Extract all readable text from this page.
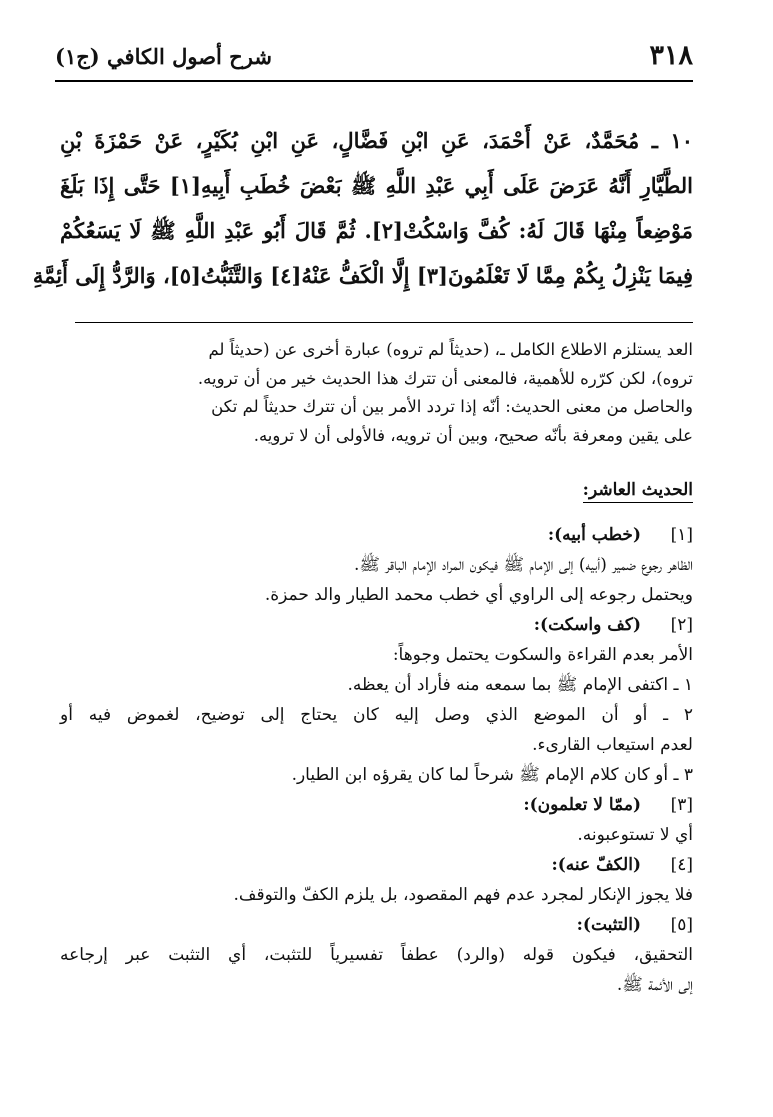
٣١٨
شرح أصول الكافي (ج١)

١٠ ـ مُحَمَّدٌ، عَنْ أَحْمَدَ، عَنِ ابْنِ فَضَّالٍ، عَنِ ابْنِ بُكَيْرٍ، عَنْ حَمْزَةَ بْنِ

الطَّيَّارِ أَنَّهُ عَرَضَ عَلَى أَبِي عَبْدِ اللَّهِ ﷺ بَعْضَ خُطَبِ أَبِيهِ[١] حَتَّى إِذَا بَلَغَ

مَوْضِعاً مِنْهَا قَالَ لَهُ: كُفَّ وَاسْكُتْ[٢]. ثُمَّ قَالَ أَبُو عَبْدِ اللَّهِ ﷺ لَا يَسَعُكُمْ

فِيمَا يَنْزِلُ بِكُمْ مِمَّا لَا تَعْلَمُونَ[٣] إِلَّا الْكَفُّ عَنْهُ[٤] وَالتَّثَبُّتُ[٥]، وَالرَّدُّ إِلَى أَئِمَّةِ

العد يستلزم الاطلاع الكامل ـ، (حديثاً لم تروه) عبارة أخرى عن (حديثاً لم

تروه)، لكن كرّره للأهمية، فالمعنى أن تترك هذا الحديث خير من أن ترويه.

والحاصل من معنى الحديث: أنّه إذا تردد الأمر بين أن تترك حديثاً لم تكن

على يقين ومعرفة بأنّه صحيح، وبين أن ترويه، فالأولى أن لا ترويه.

الحديث العاشر:
[١](خطب أبيه):
الظاهر رجوع ضمير (أبيه) إلى الإمام ﷺ فيكون المراد الإمام الباقر ﷺ.
ويحتمل رجوعه إلى الراوي أي خطب محمد الطيار والد حمزة.
[٢](كف واسكت):
الأمر بعدم القراءة والسكوت يحتمل وجوهاً:
١ ـ اكتفى الإمام ﷺ بما سمعه منه فأراد أن يعظه.
٢ ـ أو أن الموضع الذي وصل إليه كان يحتاج إلى توضيح، لغموض فيه أو
لعدم استيعاب القارىء.
٣ ـ أو كان كلام الإمام ﷺ شرحاً لما كان يقرؤه ابن الطيار.
[٣](ممّا لا تعلمون):
أي لا تستوعبونه.
[٤](الكفّ عنه):
فلا يجوز الإنكار لمجرد عدم فهم المقصود، بل يلزم الكفّ والتوقف.
[٥](التثبت):
التحقيق، فيكون قوله (والرد) عطفاً تفسيرياً للتثبت، أي التثبت عبر إرجاعه
إلى الأئمة ﷺ.
